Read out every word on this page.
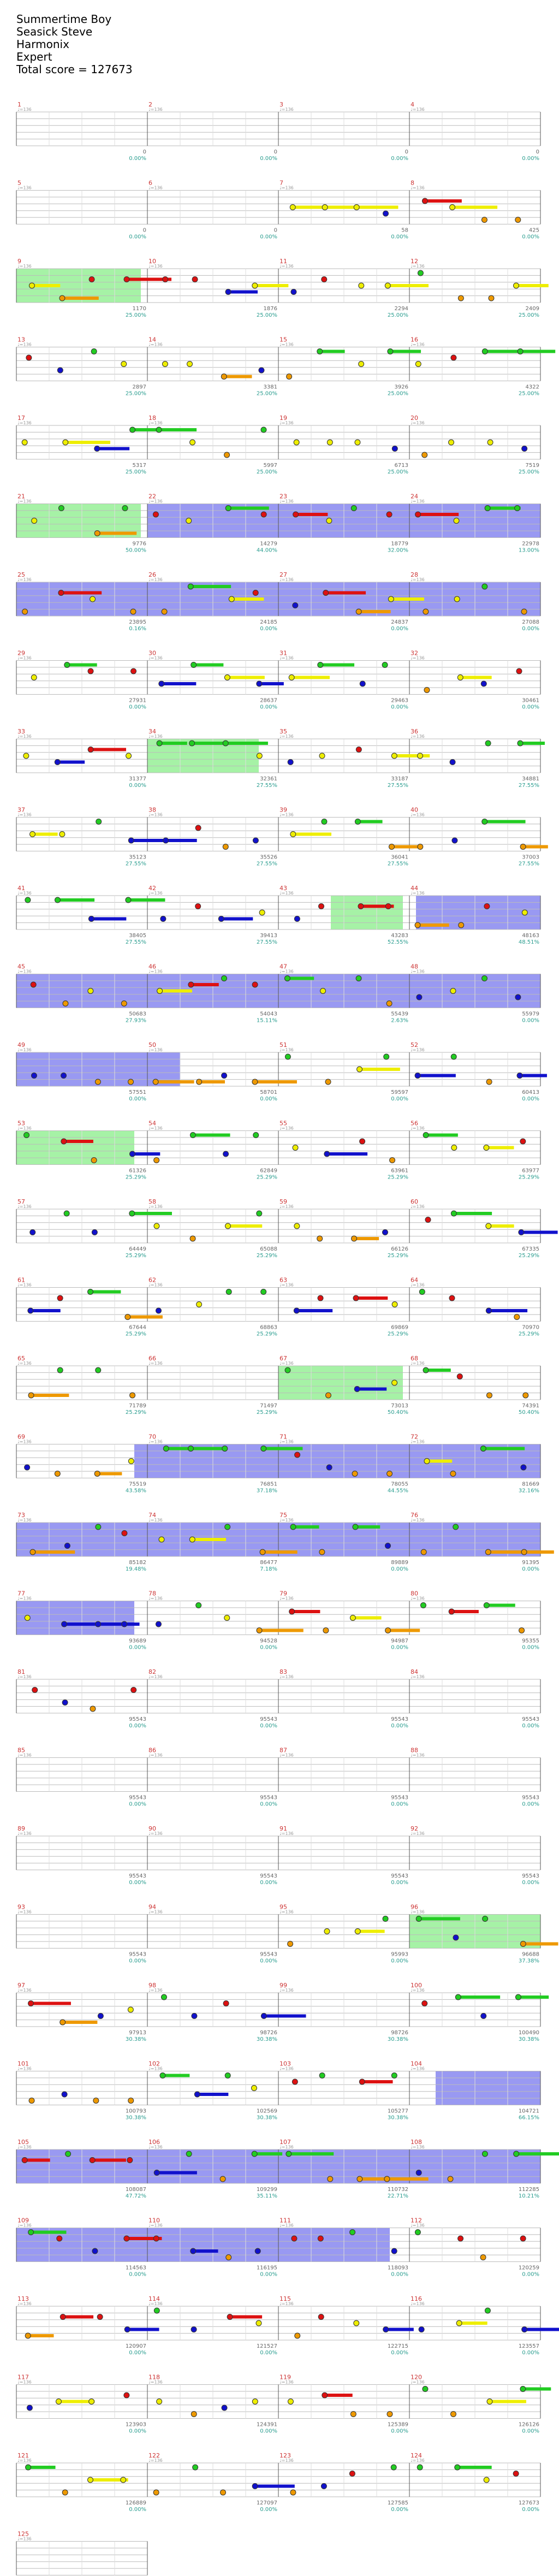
Summertime Boy
Seasick Steve
Harmonix
Expert
Total score = 127673
1
♩=136
0
0.00%
2
♩=136
0
0.00%
3
♩=136
0
0.00%
4
♩=136
0
0.00%
5
♩=136
0
0.00%
6
♩=136
0
0.00%
7
♩=136
58
0.00%
8
♩=136
425
0.00%
9
♩=136
1170
25.00%
10
♩=136
1876
25.00%
11
♩=136
2294
25.00%
12
♩=136
2409
25.00%
13
♩=136
2897
25.00%
14
♩=136
3381
25.00%
15
♩=136
3926
25.00%
16
♩=136
4322
25.00%
17
♩=136
5317
25.00%
18
♩=136
5997
25.00%
19
♩=136
6713
25.00%
20
♩=136
7519
25.00%
21
♩=136
9776
50.00%
22
♩=136
14279
44.00%
23
♩=136
18779
32.00%
24
♩=136
22978
13.00%
25
♩=136
23895
0.16%
26
♩=136
24185
0.00%
27
♩=136
24837
0.00%
28
♩=136
27088
0.00%
29
♩=136
27931
0.00%
30
♩=136
28637
0.00%
31
♩=136
29463
0.00%
32
♩=136
30461
0.00%
33
♩=136
31377
0.00%
34
♩=136
32361
27.55%
35
♩=136
33187
27.55%
36
♩=136
34881
27.55%
37
♩=136
35123
27.55%
38
♩=136
35526
27.55%
39
♩=136
36041
27.55%
40
♩=136
37003
27.55%
41
♩=136
38405
27.55%
42
♩=136
39413
27.55%
43
♩=136
43283
52.55%
44
♩=136
48163
48.51%
45
♩=136
50683
27.93%
46
♩=136
54043
15.11%
47
♩=136
55439
2.63%
48
♩=136
55979
0.00%
49
♩=136
57551
0.00%
50
♩=136
58701
0.00%
51
♩=136
59597
0.00%
52
♩=136
60413
0.00%
53
♩=136
61326
25.29%
54
♩=136
62849
25.29%
55
♩=136
63961
25.29%
56
♩=136
63977
25.29%
57
♩=136
64449
25.29%
58
♩=136
65088
25.29%
59
♩=136
66126
25.29%
60
♩=136
67335
25.29%
61
♩=136
67644
25.29%
62
♩=136
68863
25.29%
63
♩=136
69869
25.29%
64
♩=136
70970
25.29%
65
♩=136
71789
25.29%
66
♩=136
71497
25.29%
67
♩=136
73013
50.40%
68
♩=136
74391
50.40%
69
♩=136
75519
43.58%
70
♩=136
76851
37.18%
71
♩=136
78055
44.55%
72
♩=136
81669
32.16%
73
♩=136
85182
19.48%
74
♩=136
86477
7.18%
75
♩=136
89889
0.00%
76
♩=136
91395
0.00%
77
♩=136
93689
0.00%
78
♩=136
94528
0.00%
79
♩=136
94987
0.00%
80
♩=136
95355
0.00%
81
♩=136
95543
0.00%
82
♩=136
95543
0.00%
83
♩=136
95543
0.00%
84
♩=136
95543
0.00%
85
♩=136
95543
0.00%
86
♩=136
95543
0.00%
87
♩=136
95543
0.00%
88
♩=136
95543
0.00%
89
♩=136
95543
0.00%
90
♩=136
95543
0.00%
91
♩=136
95543
0.00%
92
♩=136
95543
0.00%
93
♩=136
95543
0.00%
94
♩=136
95543
0.00%
95
♩=136
95993
0.00%
96
♩=136
96688
37.38%
97
♩=136
97913
30.38%
98
♩=136
98726
30.38%
99
♩=136
98726
30.38%
100
♩=136
100490
30.38%
101
♩=136
100793
30.38%
102
♩=136
102569
30.38%
103
♩=136
105277
30.38%
104
♩=136
104721
66.15%
105
♩=136
108087
47.72%
106
♩=136
109299
35.11%
107
♩=136
110732
22.71%
108
♩=136
112285
10.21%
109
♩=136
114563
0.00%
110
♩=136
116195
0.00%
111
♩=136
118093
0.00%
112
♩=136
120259
0.00%
113
♩=136
120907
0.00%
114
♩=136
121527
0.00%
115
♩=136
122715
0.00%
116
♩=136
123557
0.00%
117
♩=136
123903
0.00%
118
♩=136
124391
0.00%
119
♩=136
125389
0.00%
120
♩=136
126126
0.00%
121
♩=136
126889
0.00%
122
♩=136
127097
0.00%
123
♩=136
127585
0.00%
124
♩=136
127673
0.00%
125
♩=136
